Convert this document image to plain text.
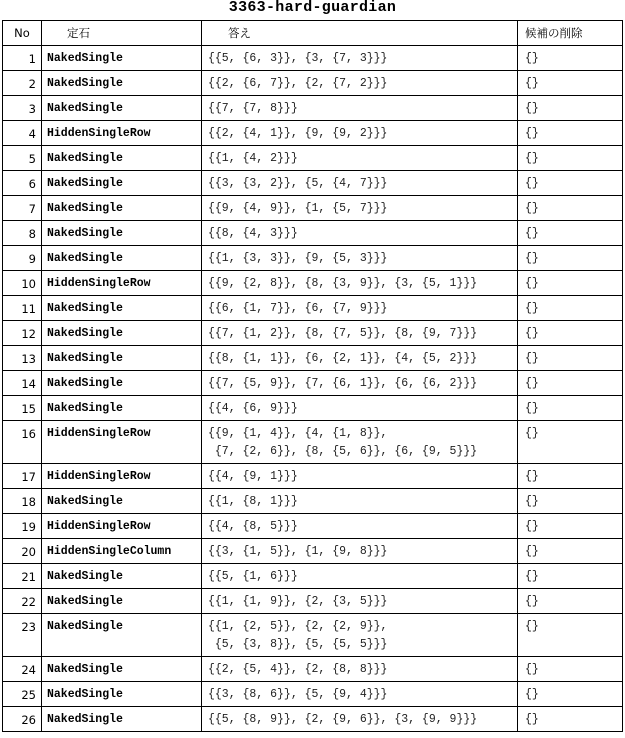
3363-hard-guardian
No	定石	答え	候補の削除

1	NakedSingle	{{5, {6, 3}}, {3, {7, 3}}}	{}

2	NakedSingle	{{2, {6, 7}}, {2, {7, 2}}}	{}

3	NakedSingle	{{7, {7, 8}}}	{}

4	HiddenSingleRow	{{2, {4, 1}}, {9, {9, 2}}}	{}

5	NakedSingle	{{1, {4, 2}}}	{}

6	NakedSingle	{{3, {3, 2}}, {5, {4, 7}}}	{}

7	NakedSingle	{{9, {4, 9}}, {1, {5, 7}}}	{}

8	NakedSingle	{{8, {4, 3}}}	{}

9	NakedSingle	{{1, {3, 3}}, {9, {5, 3}}}	{}

10	HiddenSingleRow	{{9, {2, 8}}, {8, {3, 9}}, {3, {5, 1}}}	{}

11	NakedSingle	{{6, {1, 7}}, {6, {7, 9}}}	{}

12	NakedSingle	{{7, {1, 2}}, {8, {7, 5}}, {8, {9, 7}}}	{}

13	NakedSingle	{{8, {1, 1}}, {6, {2, 1}}, {4, {5, 2}}}	{}

14	NakedSingle	{{7, {5, 9}}, {7, {6, 1}}, {6, {6, 2}}}	{}

15	NakedSingle	{{4, {6, 9}}}	{}

16	HiddenSingleRow	{{9, {1, 4}}, {4, {1, 8}},
{7, {2, 6}}, {8, {5, 6}}, {6, {9, 5}}}	{}

17	HiddenSingleRow	{{4, {9, 1}}}	{}

18	NakedSingle	{{1, {8, 1}}}	{}

19	HiddenSingleRow	{{4, {8, 5}}}	{}

20	HiddenSingleColumn	{{3, {1, 5}}, {1, {9, 8}}}	{}

21	NakedSingle	{{5, {1, 6}}}	{}

22	NakedSingle	{{1, {1, 9}}, {2, {3, 5}}}	{}

23	NakedSingle	{{1, {2, 5}}, {2, {2, 9}},
{5, {3, 8}}, {5, {5, 5}}}	{}

24	NakedSingle	{{2, {5, 4}}, {2, {8, 8}}}	{}

25	NakedSingle	{{3, {8, 6}}, {5, {9, 4}}}	{}

26	NakedSingle	{{5, {8, 9}}, {2, {9, 6}}, {3, {9, 9}}}	{}
